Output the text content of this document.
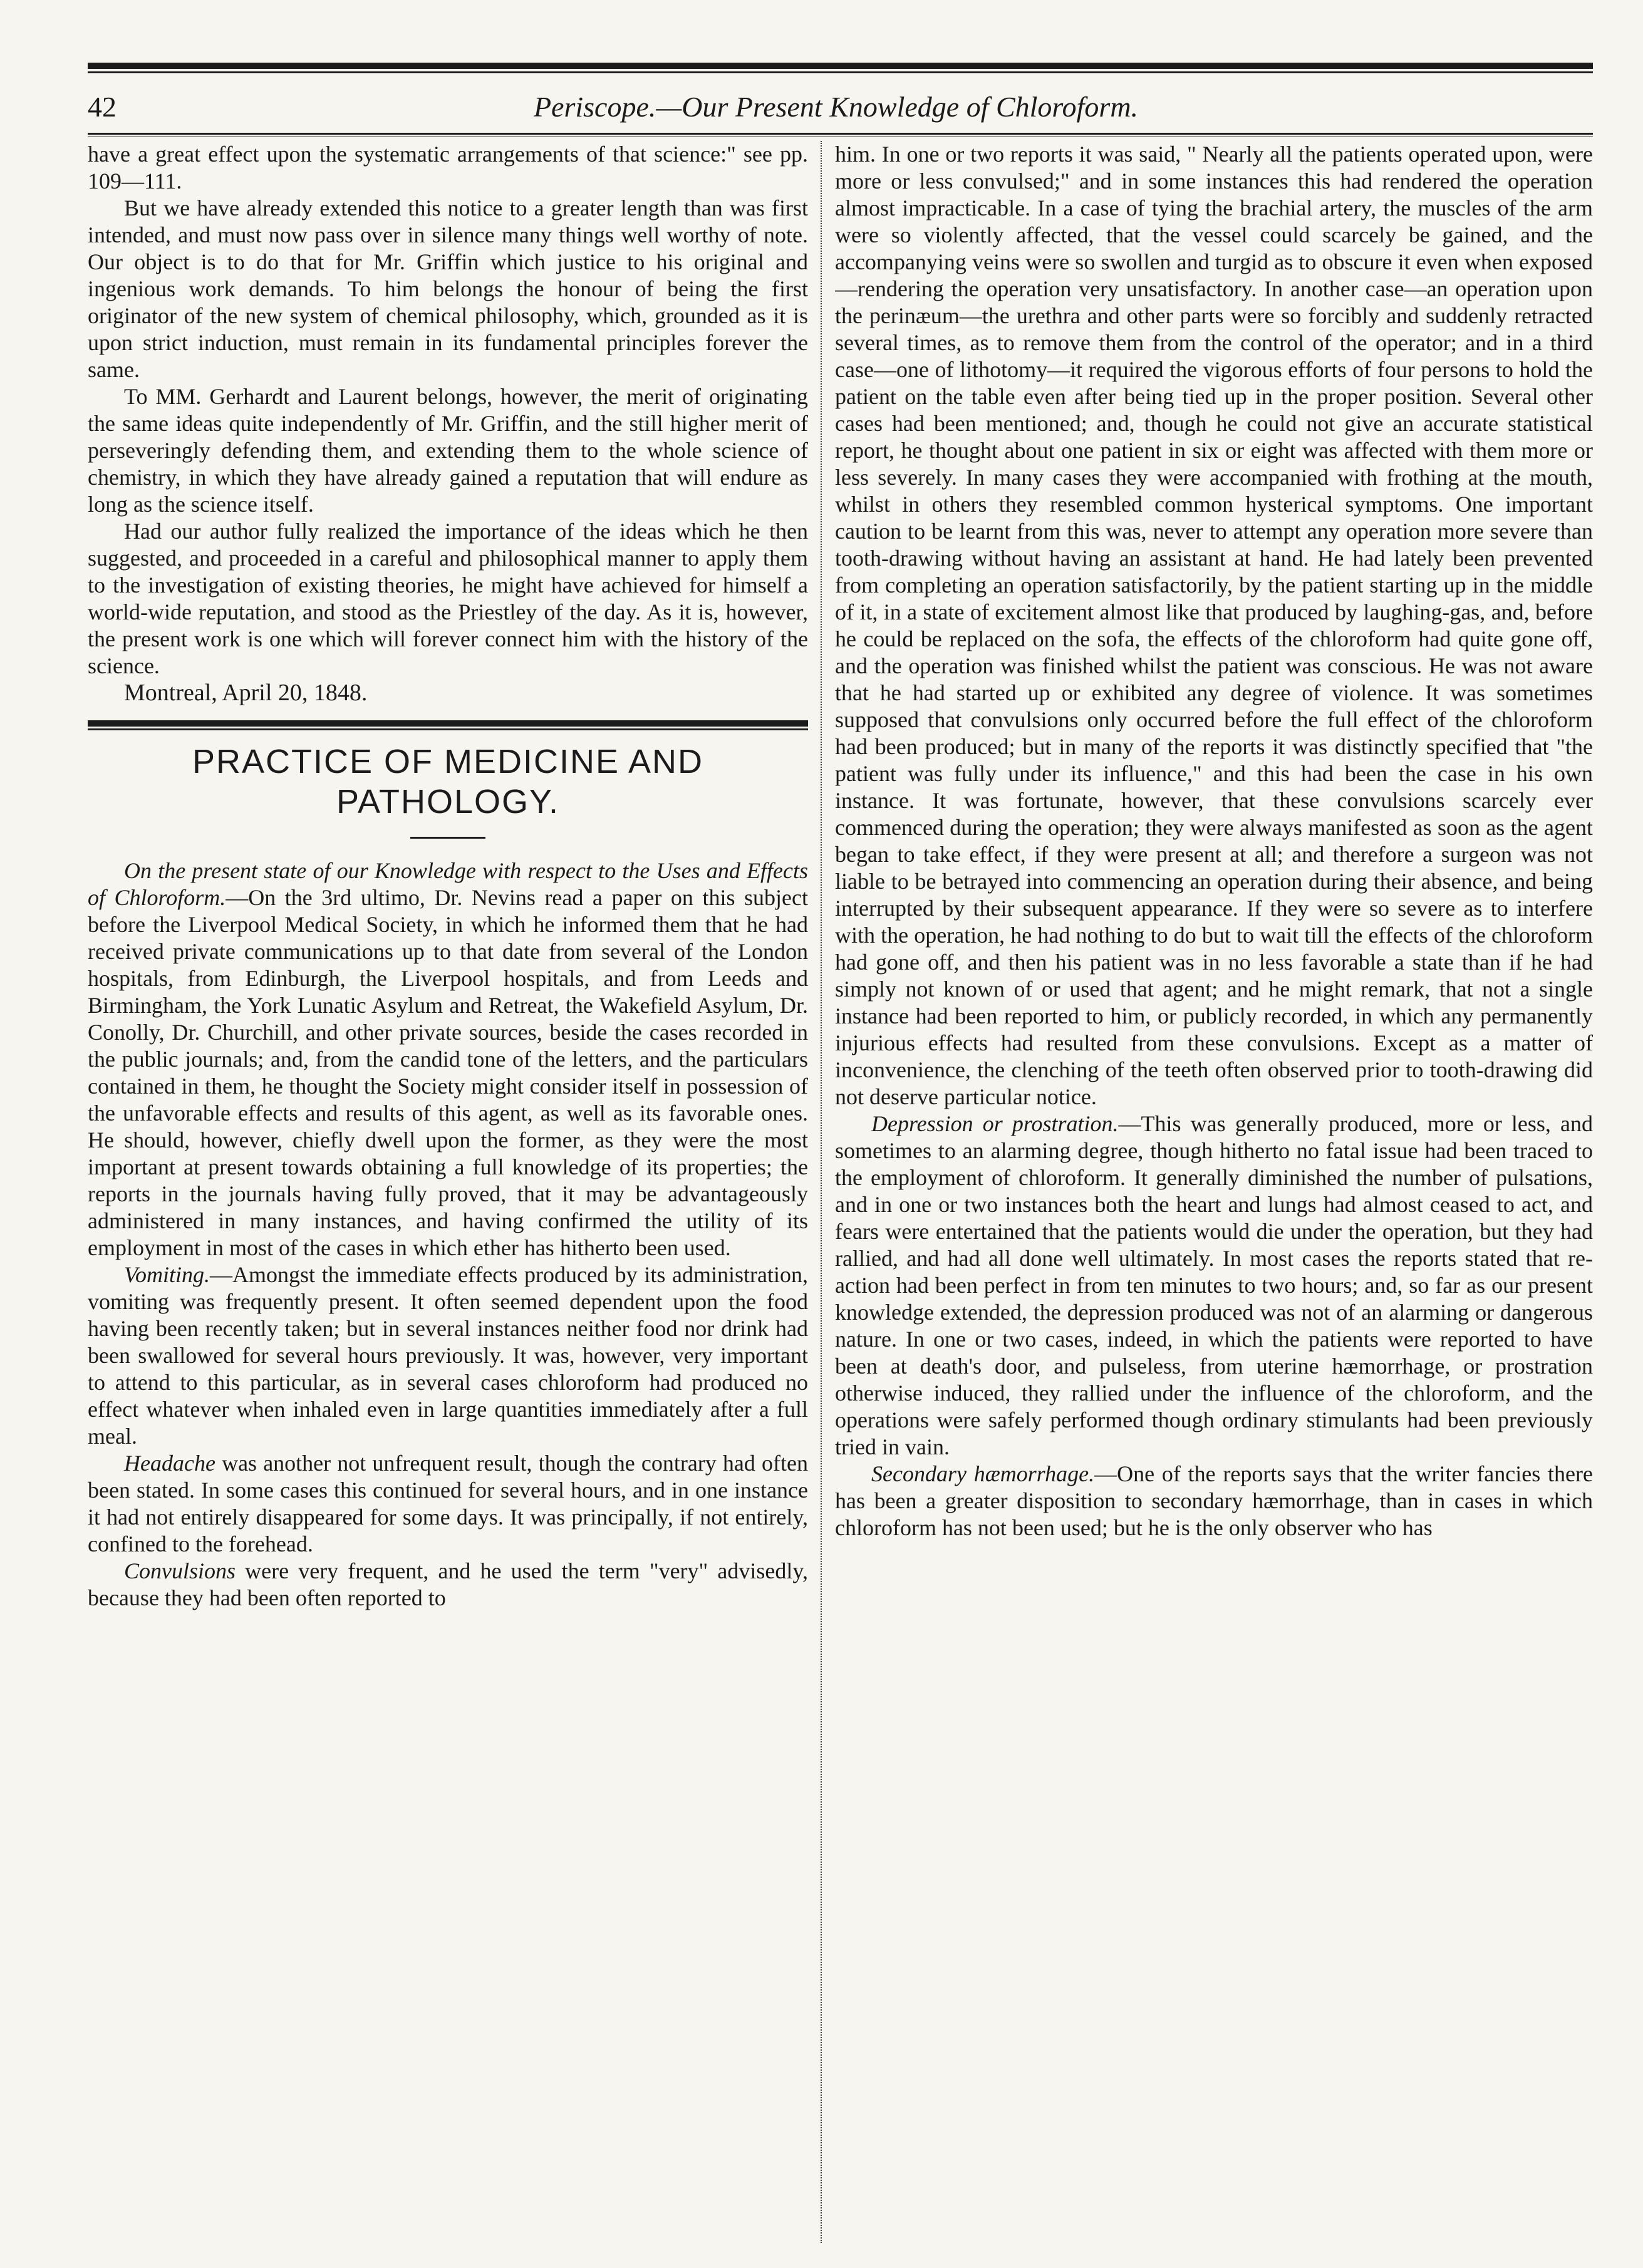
42	Periscope.—Our Present Knowledge of Chloroform.

have a great effect upon the systematic arrangements of that science:" see pp. 109—111.

But we have already extended this notice to a greater length than was first intended, and must now pass over in silence many things well worthy of note. Our object is to do that for Mr. Griffin which justice to his original and ingenious work demands. To him belongs the honour of being the first originator of the new system of chemical philosophy, which, grounded as it is upon strict induction, must remain in its fundamental principles forever the same.

To MM. Gerhardt and Laurent belongs, however, the merit of originating the same ideas quite independently of Mr. Griffin, and the still higher merit of perseveringly defending them, and extending them to the whole science of chemistry, in which they have already gained a reputation that will endure as long as the science itself.

Had our author fully realized the importance of the ideas which he then suggested, and proceeded in a careful and philosophical manner to apply them to the investigation of existing theories, he might have achieved for himself a world-wide reputation, and stood as the Priestley of the day. As it is, however, the present work is one which will forever connect him with the history of the science.

Montreal, April 20, 1848.

PRACTICE OF MEDICINE AND PATHOLOGY.

On the present state of our Knowledge with respect to the Uses and Effects of Chloroform.—On the 3rd ultimo, Dr. Nevins read a paper on this subject before the Liverpool Medical Society, in which he informed them that he had received private communications up to that date from several of the London hospitals, from Edinburgh, the Liverpool hospitals, and from Leeds and Birmingham, the York Lunatic Asylum and Retreat, the Wakefield Asylum, Dr. Conolly, Dr. Churchill, and other private sources, beside the cases recorded in the public journals; and, from the candid tone of the letters, and the particulars contained in them, he thought the Society might consider itself in possession of the unfavorable effects and results of this agent, as well as its favorable ones. He should, however, chiefly dwell upon the former, as they were the most important at present towards obtaining a full knowledge of its properties; the reports in the journals having fully proved, that it may be advantageously administered in many instances, and having confirmed the utility of its employment in most of the cases in which ether has hitherto been used.

Vomiting.—Amongst the immediate effects produced by its administration, vomiting was frequently present. It often seemed dependent upon the food having been recently taken; but in several instances neither food nor drink had been swallowed for several hours previously. It was, however, very important to attend to this particular, as in several cases chloroform had produced no effect whatever when inhaled even in large quantities immediately after a full meal.

Headache was another not unfrequent result, though the contrary had often been stated. In some cases this continued for several hours, and in one instance it had not entirely disappeared for some days. It was principally, if not entirely, confined to the forehead.

Convulsions were very frequent, and he used the term "very" advisedly, because they had been often reported to

him. In one or two reports it was said, " Nearly all the patients operated upon, were more or less convulsed;" and in some instances this had rendered the operation almost impracticable. In a case of tying the brachial artery, the muscles of the arm were so violently affected, that the vessel could scarcely be gained, and the accompanying veins were so swollen and turgid as to obscure it even when exposed—rendering the operation very unsatisfactory. In another case—an operation upon the perinæum—the urethra and other parts were so forcibly and suddenly retracted several times, as to remove them from the control of the operator; and in a third case—one of lithotomy—it required the vigorous efforts of four persons to hold the patient on the table even after being tied up in the proper position. Several other cases had been mentioned; and, though he could not give an accurate statistical report, he thought about one patient in six or eight was affected with them more or less severely. In many cases they were accompanied with frothing at the mouth, whilst in others they resembled common hysterical symptoms. One important caution to be learnt from this was, never to attempt any operation more severe than tooth-drawing without having an assistant at hand. He had lately been prevented from completing an operation satisfactorily, by the patient starting up in the middle of it, in a state of excitement almost like that produced by laughing-gas, and, before he could be replaced on the sofa, the effects of the chloroform had quite gone off, and the operation was finished whilst the patient was conscious. He was not aware that he had started up or exhibited any degree of violence. It was sometimes supposed that convulsions only occurred before the full effect of the chloroform had been produced; but in many of the reports it was distinctly specified that "the patient was fully under its influence," and this had been the case in his own instance. It was fortunate, however, that these convulsions scarcely ever commenced during the operation; they were always manifested as soon as the agent began to take effect, if they were present at all; and therefore a surgeon was not liable to be betrayed into commencing an operation during their absence, and being interrupted by their subsequent appearance. If they were so severe as to interfere with the operation, he had nothing to do but to wait till the effects of the chloroform had gone off, and then his patient was in no less favorable a state than if he had simply not known of or used that agent; and he might remark, that not a single instance had been reported to him, or publicly recorded, in which any permanently injurious effects had resulted from these convulsions. Except as a matter of inconvenience, the clenching of the teeth often observed prior to tooth-drawing did not deserve particular notice.

Depression or prostration.—This was generally produced, more or less, and sometimes to an alarming degree, though hitherto no fatal issue had been traced to the employment of chloroform. It generally diminished the number of pulsations, and in one or two instances both the heart and lungs had almost ceased to act, and fears were entertained that the patients would die under the operation, but they had rallied, and had all done well ultimately. In most cases the reports stated that re-action had been perfect in from ten minutes to two hours; and, so far as our present knowledge extended, the depression produced was not of an alarming or dangerous nature. In one or two cases, indeed, in which the patients were reported to have been at death's door, and pulseless, from uterine hæmorrhage, or prostration otherwise induced, they rallied under the influence of the chloroform, and the operations were safely performed though ordinary stimulants had been previously tried in vain.

Secondary hæmorrhage.—One of the reports says that the writer fancies there has been a greater disposition to secondary hæmorrhage, than in cases in which chloroform has not been used; but he is the only observer who has
